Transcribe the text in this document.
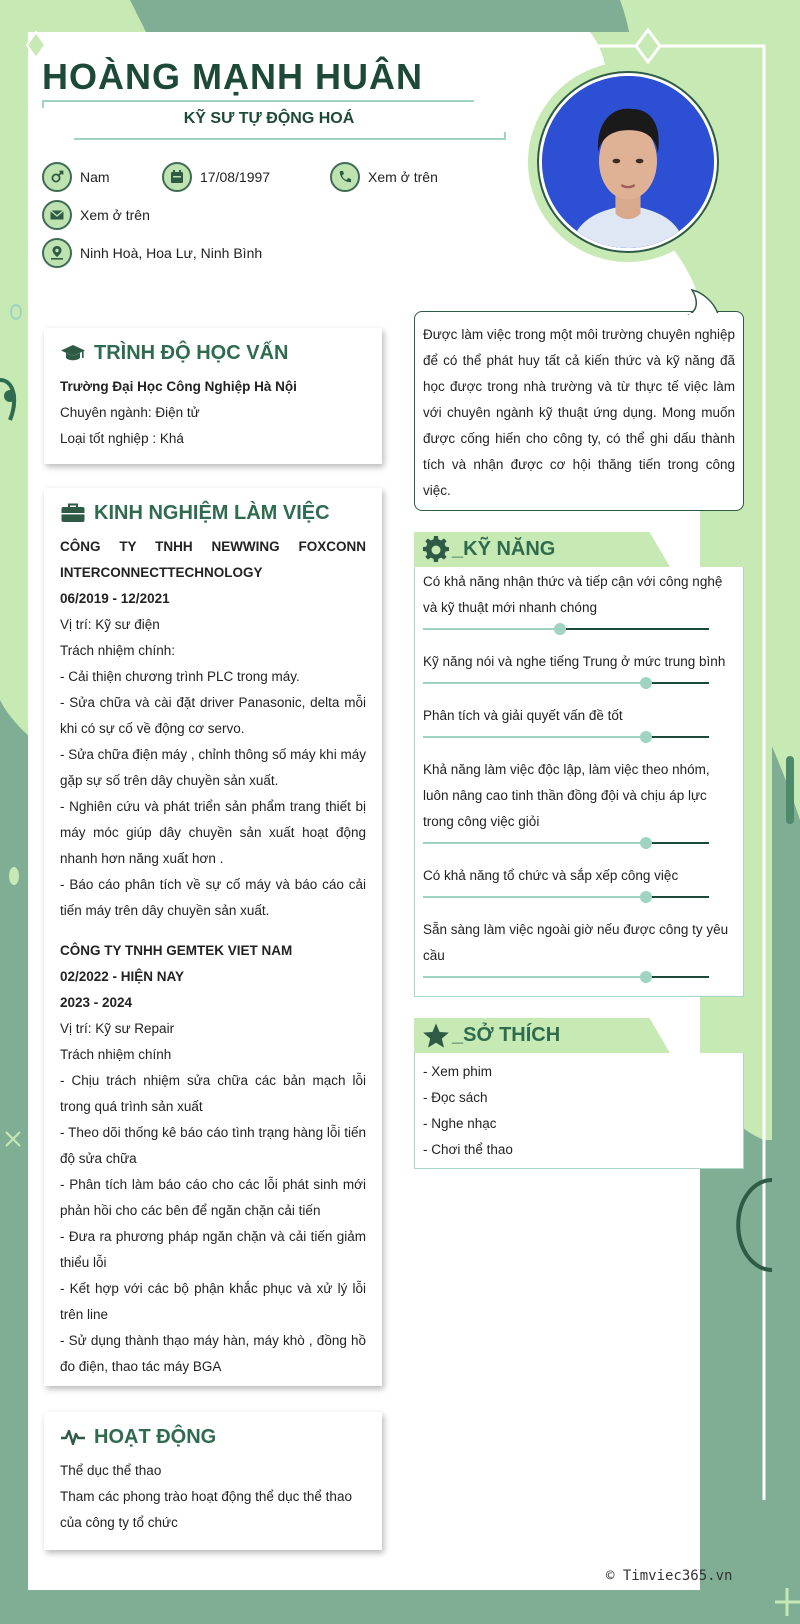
HOÀNG MẠNH HUÂN
KỸ SƯ TỰ ĐỘNG HOÁ
Nam	17/08/1997	Xem ở trên
Xem ở trên
Ninh Hoà, Hoa Lư, Ninh Bình
Được làm việc trong một môi trường chuyên nghiệp để có thể phát huy tất cả kiến thức và kỹ năng đã học được trong nhà trường và từ thực tế việc làm với chuyên ngành kỹ thuật ứng dụng. Mong muốn được cống hiến cho công ty, có thể ghi dấu thành tích và nhận được cơ hội thăng tiến trong công việc.
TRÌNH ĐỘ HỌC VẤN

Trường Đại Học Công Nghiệp Hà Nội

Chuyên ngành: Điện tử

Loại tốt nghiệp : Khá

KINH NGHIỆM LÀM VIỆC

CÔNG TY TNHH NEWWING FOXCONN INTERCONNECTTECHNOLOGY

06/2019 - 12/2021

Vị trí: Kỹ sư điện

Trách nhiệm chính:

- Cải thiện chương trình PLC trong máy.

- Sửa chữa và cài đặt driver Panasonic, delta mỗi khi có sự cố về động cơ servo.

- Sửa chữa điện máy , chỉnh thông số máy khi máy gặp sự số trên dây chuyền sản xuất.

- Nghiên cứu và phát triển sản phẩm trang thiết bị máy móc giúp dây chuyền sản xuất hoạt động nhanh hơn năng xuất hơn .

- Báo cáo phân tích về sự cố máy và báo cáo cải tiến máy trên dây chuyền sản xuất.

CÔNG TY TNHH GEMTEK VIET NAM

02/2022 - HIỆN NAY

2023 - 2024

Vị trí: Kỹ sư Repair

Trách nhiệm chính

- Chịu trách nhiệm sửa chữa các bản mạch lỗi trong quá trình sản xuất

- Theo dõi thống kê báo cáo tình trạng hàng lỗi tiến độ sửa chữa

- Phân tích làm báo cáo cho các lỗi phát sinh mới phản hồi cho các bên để ngăn chặn cải tiến

- Đưa ra phương pháp ngăn chặn và cải tiến giảm thiểu lỗi

- Kết hợp với các bộ phận khắc phục và xử lý lỗi trên line

- Sử dụng thành thạo máy hàn, máy khò , đồng hồ đo điện, thao tác máy BGA

HOẠT ĐỘNG

Thể dục thể thao

Tham các phong trào hoạt động thể dục thể thao của công ty tổ chức

_KỸ NĂNG
Có khả năng nhận thức và tiếp cận với công nghệ và kỹ thuật mới nhanh chóng
Kỹ năng nói và nghe tiếng Trung ở mức trung bình
Phân tích và giải quyết vấn đề tốt
Khả năng làm việc độc lập, làm việc theo nhóm, luôn nâng cao tinh thần đồng đội và chịu áp lực trong công việc giỏi
Có khả năng tổ chức và sắp xếp công việc
Sẵn sàng làm việc ngoài giờ nếu được công ty yêu cầu
_SỞ THÍCH
- Xem phim
- Đọc sách
- Nghe nhạc
- Chơi thể thao
© Timviec365.vn
